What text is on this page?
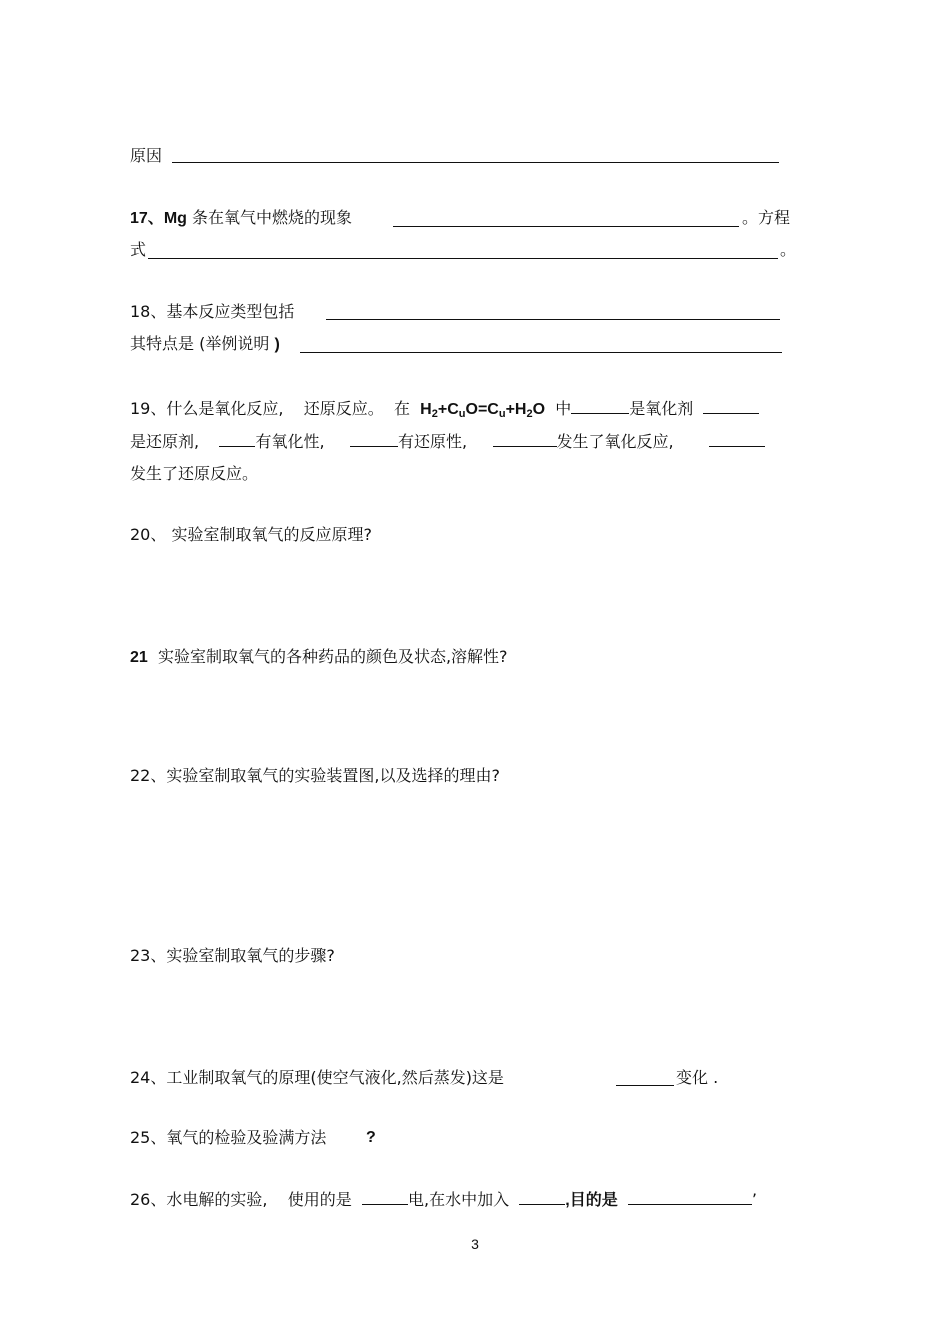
原因
17、Mg 条在氧气中燃烧的现象	。方程
式	。
18、基本反应类型包括
其特点是 (举例说明 )
19、什么是氧化反应, 还原反应。 在 H2+CuO=Cu+H2O 中	是氧化剂
是还原剂,	有氧化性,	有还原性,	发生了氧化反应,
发生了还原反应。
20、 实验室制取氧气的反应原理?
21 实验室制取氧气的各种药品的颜色及状态,溶解性?
22、实验室制取氧气的实验装置图,以及选择的理由?
23、实验室制取氧气的步骤?
24、工业制取氧气的原理(使空气液化,然后蒸发)这是	变化 .
25、氧气的检验及验满方法 ?
26、水电解的实验, 使用的是	电,在水中加入	,目的是	’
3
